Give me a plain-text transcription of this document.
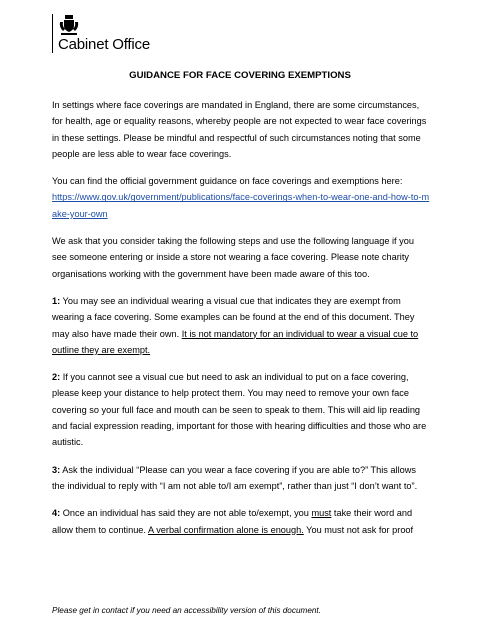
Cabinet Office
GUIDANCE FOR FACE COVERING EXEMPTIONS

In settings where face coverings are mandated in England, there are some circumstances, for health, age or equality reasons, whereby people are not expected to wear face coverings in these settings. Please be mindful and respectful of such circumstances noting that some people are less able to wear face coverings.

You can find the official government guidance on face coverings and exemptions here:
https://www.gov.uk/government/publications/face-coverings-when-to-wear-one-and-how-to-make-your-own

We ask that you consider taking the following steps and use the following language if you see someone entering or inside a store not wearing a face covering. Please note charity organisations working with the government have been made aware of this too.

1: You may see an individual wearing a visual cue that indicates they are exempt from wearing a face covering. Some examples can be found at the end of this document. They may also have made their own. It is not mandatory for an individual to wear a visual cue to outline they are exempt.

2: If you cannot see a visual cue but need to ask an individual to put on a face covering, please keep your distance to help protect them. You may need to remove your own face covering so your full face and mouth can be seen to speak to them. This will aid lip reading and facial expression reading, important for those with hearing difficulties and those who are autistic.

3: Ask the individual “Please can you wear a face covering if you are able to?” This allows the individual to reply with “I am not able to/I am exempt”, rather than just “I don’t want to”.

4: Once an individual has said they are not able to/exempt, you must take their word and allow them to continue. A verbal confirmation alone is enough. You must not ask for proof

Please get in contact if you need an accessibility version of this document.
